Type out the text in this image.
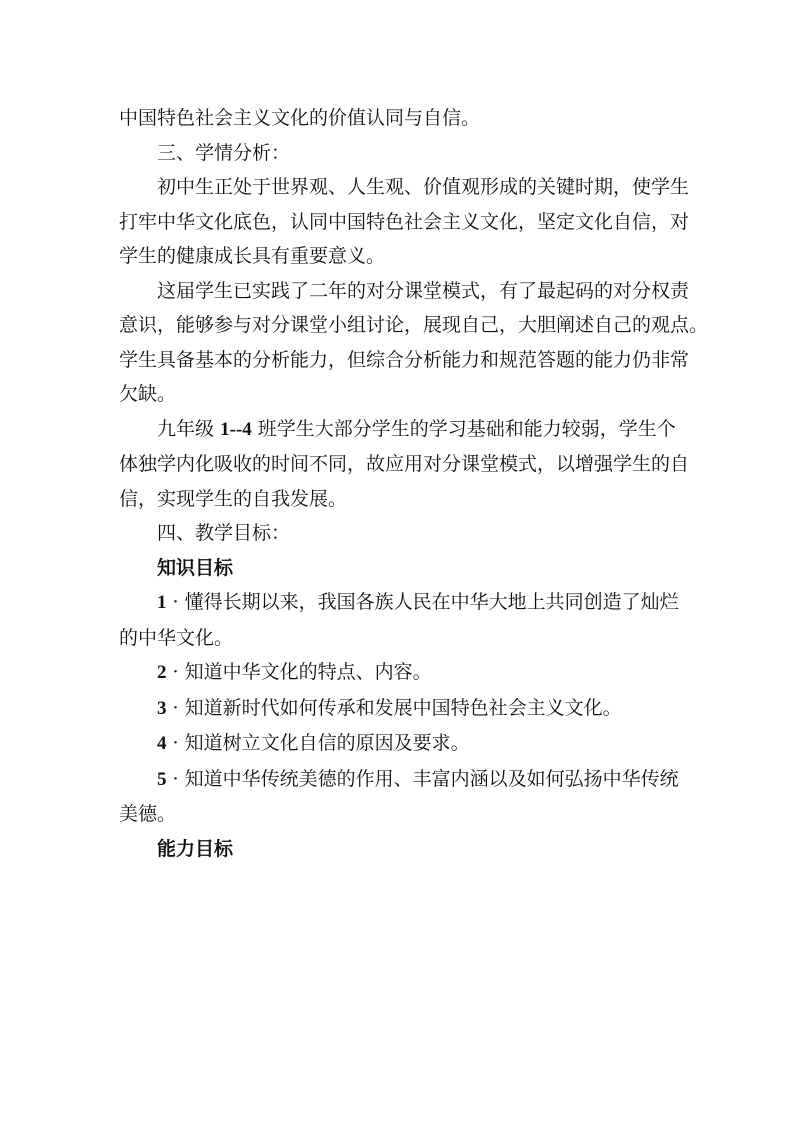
中国特色社会主义文化的价值认同与自信。
三、学情分析：
初中生正处于世界观、人生观、价值观形成的关键时期，使学生
打牢中华文化底色，认同中国特色社会主义文化，坚定文化自信，对
学生的健康成长具有重要意义。
这届学生已实践了二年的对分课堂模式，有了最起码的对分权责
意识，能够参与对分课堂小组讨论，展现自己，大胆阐述自己的观点。
学生具备基本的分析能力，但综合分析能力和规范答题的能力仍非常
欠缺。
九年级 1--4 班学生大部分学生的学习基础和能力较弱，学生个
体独学内化吸收的时间不同，故应用对分课堂模式，以增强学生的自
信，实现学生的自我发展。
四、教学目标：
知识目标
1 · 懂得长期以来，我国各族人民在中华大地上共同创造了灿烂
的中华文化。
2 · 知道中华文化的特点、内容。
3 · 知道新时代如何传承和发展中国特色社会主义文化。
4 · 知道树立文化自信的原因及要求。
5 · 知道中华传统美德的作用、丰富内涵以及如何弘扬中华传统
美德。
能力目标
